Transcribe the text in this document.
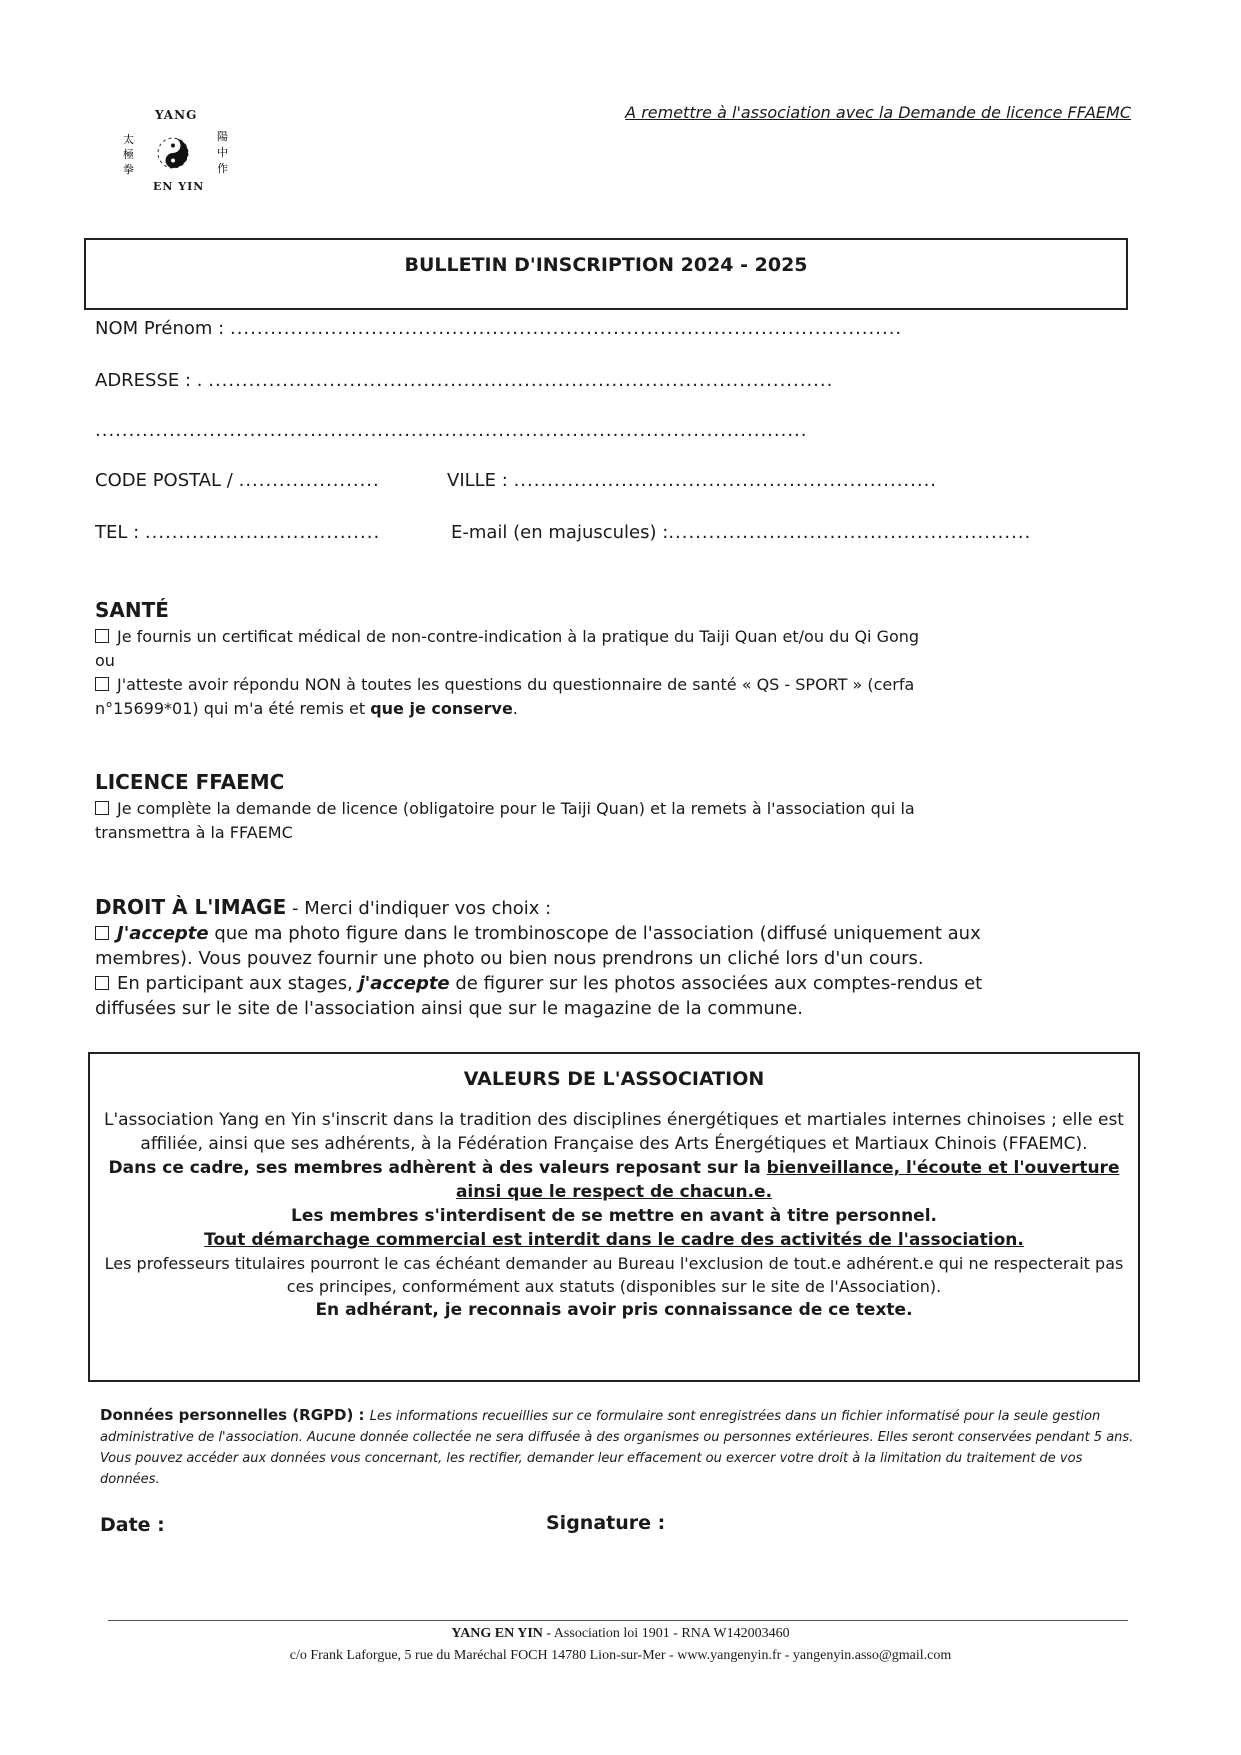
太
極
拳
陽
中
作
YANG
EN YIN
A remettre à l'association avec la Demande de licence FFAEMC
BULLETIN D'INSCRIPTION 2024 - 2025
NOM Prénom : ....................................................................................................
ADRESSE : . .............................................................................................
..........................................................................................................
CODE POSTAL / .....................	VILLE : ...............................................................
TEL : ...................................	E-mail (en majuscules) :......................................................
SANTÉ
Je fournis un certificat médical de non-contre-indication à la pratique du Taiji Quan et/ou du Qi Gong
ou
J'atteste avoir répondu NON à toutes les questions du questionnaire de santé « QS - SPORT » (cerfa
n°15699*01) qui m'a été remis et que je conserve.
LICENCE FFAEMC
Je complète la demande de licence (obligatoire pour le Taiji Quan) et la remets à l'association qui la
transmettra à la FFAEMC
DROIT À L'IMAGE - Merci d'indiquer vos choix :
J'accepte que ma photo figure dans le trombinoscope de l'association (diffusé uniquement aux
membres). Vous pouvez fournir une photo ou bien nous prendrons un cliché lors d'un cours.
En participant aux stages, j'accepte de figurer sur les photos associées aux comptes-rendus et
diffusées sur le site de l'association ainsi que sur le magazine de la commune.
VALEURS DE L'ASSOCIATION
L'association Yang en Yin s'inscrit dans la tradition des disciplines énergétiques et martiales internes chinoises ; elle est affiliée, ainsi que ses adhérents, à la Fédération Française des Arts Énergétiques et Martiaux Chinois (FFAEMC).
Dans ce cadre, ses membres adhèrent à des valeurs reposant sur la bienveillance, l'écoute et l'ouverture ainsi que le respect de chacun.e.
Les membres s'interdisent de se mettre en avant à titre personnel.
Tout démarchage commercial est interdit dans le cadre des activités de l'association.
Les professeurs titulaires pourront le cas échéant demander au Bureau l'exclusion de tout.e adhérent.e qui ne respecterait pas ces principes, conformément aux statuts (disponibles sur le site de l'Association).
En adhérant, je reconnais avoir pris connaissance de ce texte.
Données personnelles (RGPD) : Les informations recueillies sur ce formulaire sont enregistrées dans un fichier informatisé pour la seule gestion administrative de l'association. Aucune donnée collectée ne sera diffusée à des organismes ou personnes extérieures. Elles seront conservées pendant 5 ans. Vous pouvez accéder aux données vous concernant, les rectifier, demander leur effacement ou exercer votre droit à la limitation du traitement de vos données.
Date :	Signature :
YANG EN YIN - Association loi 1901 - RNA W142003460
c/o Frank Laforgue, 5 rue du Maréchal FOCH 14780 Lion-sur-Mer - www.yangenyin.fr - yangenyin.asso@gmail.com
